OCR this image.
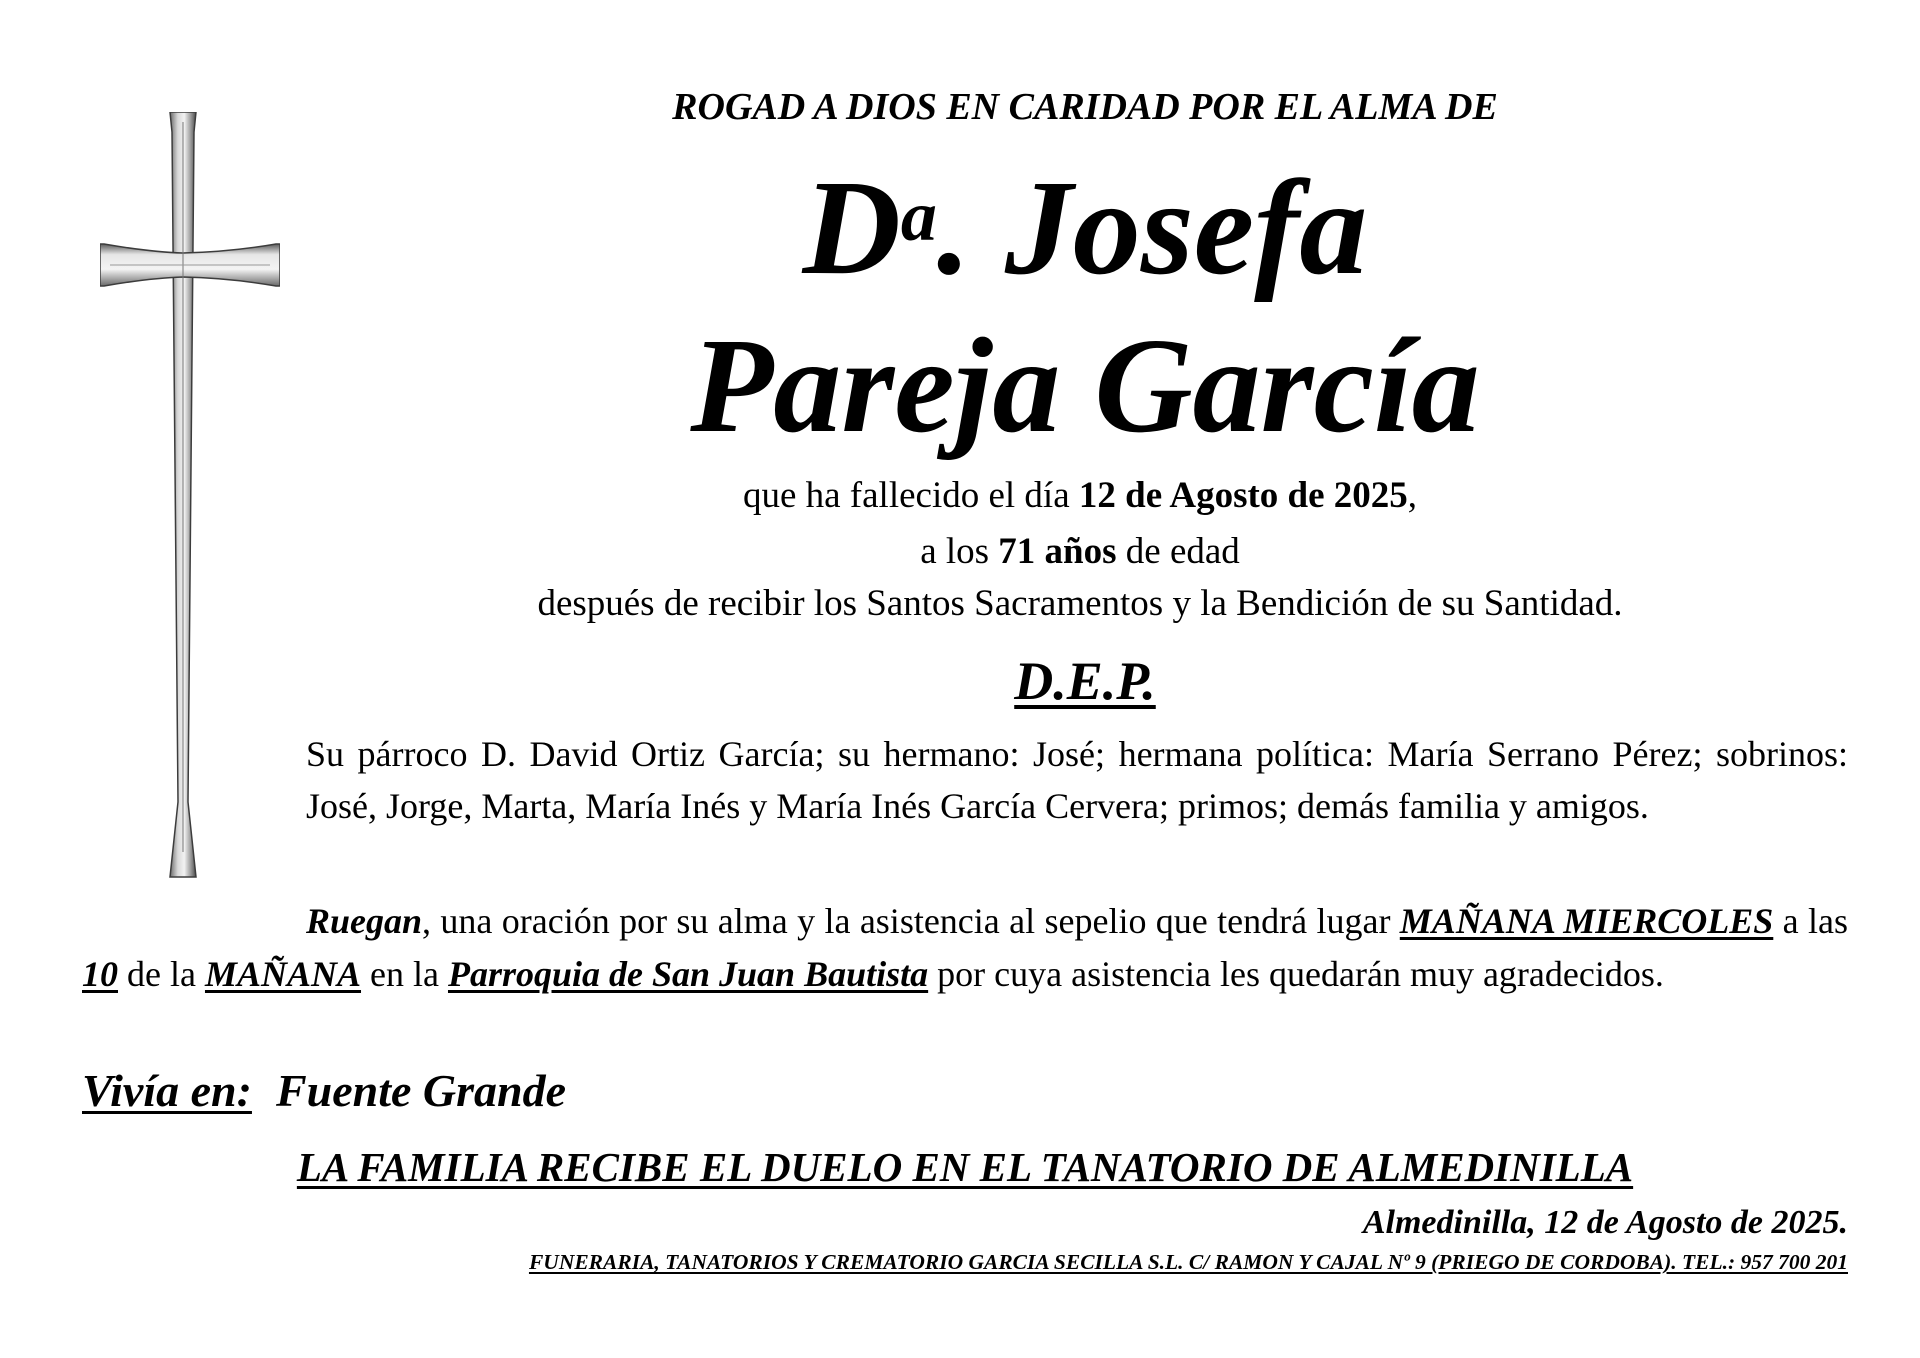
ROGAD A DIOS EN CARIDAD POR EL ALMA DE
$D^a$. Josefa
Pareja García
que ha fallecido el día 12 de Agosto de 2025,
a los 71 años de edad
después de recibir los Santos Sacramentos y la Bendición de su Santidad.
D.E.P.
Su párroco D. David Ortiz García; su hermano: José; hermana política: María Serrano Pérez; sobrinos: José, Jorge, Marta, María Inés y María Inés García Cervera; primos; demás familia y amigos.
Ruegan, una oración por su alma y la asistencia al sepelio que tendrá lugar MAÑANA MIERCOLES a las 10 de la MAÑANA en la Parroquia de San Juan Bautista por cuya asistencia les quedarán muy agradecidos.
Vivía en: Fuente Grande
LA FAMILIA RECIBE EL DUELO EN EL TANATORIO DE ALMEDINILLA
Almedinilla, 12 de Agosto de 2025.
FUNERARIA, TANATORIOS Y CREMATORIO GARCIA SECILLA S.L. C/ RAMON Y CAJAL Nº 9 (PRIEGO DE CORDOBA). TEL.: 957 700 201
